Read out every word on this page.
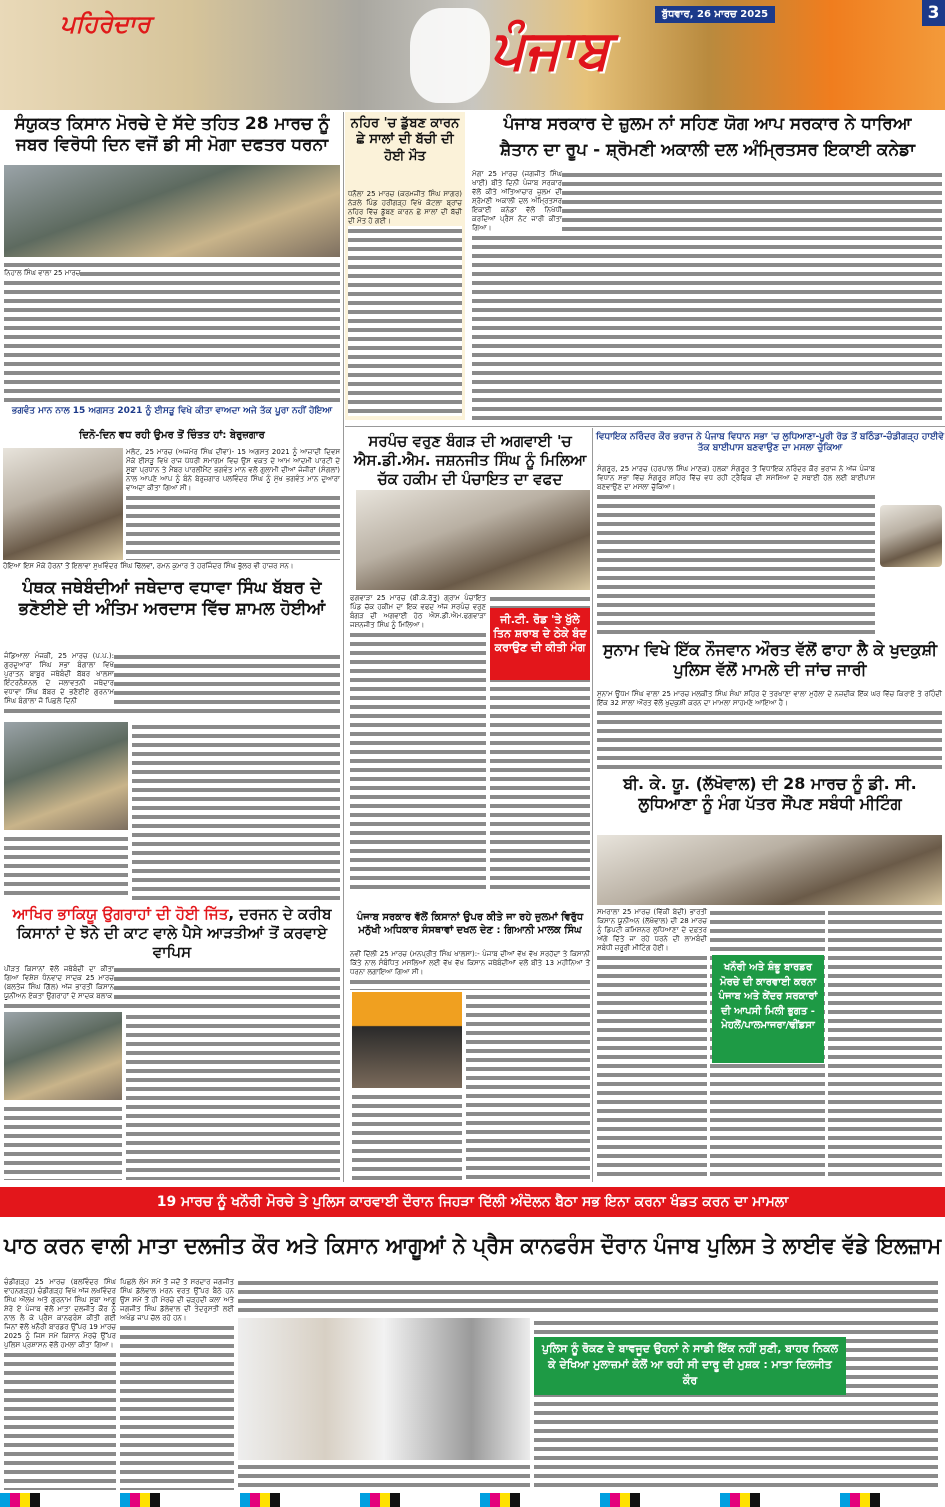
ਪਹਿਰੇਦਾਰ	ਪੰਜਾਬ
ਬੁੱਧਵਾਰ, 26 ਮਾਰਚ 2025	3
ਸੰਯੁਕਤ ਕਿਸਾਨ ਮੋਰਚੇ ਦੇ ਸੱਦੇ ਤਹਿਤ 28 ਮਾਰਚ ਨੂੰ ਜਬਰ ਵਿਰੋਧੀ ਦਿਨ ਵਜੋਂ ਡੀ ਸੀ ਮੋਗਾ ਦਫਤਰ ਧਰਨਾ
ਨਿਹਾਲ ਸਿੰਘ ਵਾਲਾ 25 ਮਾਰਚ
ਨਹਿਰ 'ਚ ਡੁੱਬਣ ਕਾਰਨ ਛੇ ਸਾਲਾਂ ਦੀ ਬੱਚੀ ਦੀ ਹੋਈ ਮੌਤ
ਧਨੌਲਾ 25 ਮਾਰਚ (ਕਰਮਜੀਤ ਸਿੰਘ ਸਾਗਰ) ਨੇੜਲੇ ਪਿੰਡ ਹਰੀਗੜ੍ਹ ਵਿਖੇ ਕੋਟਲਾ ਬ੍ਰਾਂਚ ਨਹਿਰ ਵਿੱਚ ਡੁੱਬਣ ਕਾਰਨ ਛੇ ਸਾਲਾਂ ਦੀ ਬੱਚੀ ਦੀ ਮੌਤ ਹੋ ਗਈ।
ਪੰਜਾਬ ਸਰਕਾਰ ਦੇ ਜ਼ੁਲਮ ਨਾਂ ਸਹਿਣ ਯੋਗ ਆਪ ਸਰਕਾਰ ਨੇ ਧਾਰਿਆ
ਸ਼ੈਤਾਨ ਦਾ ਰੂਪ - ਸ਼੍ਰੋਮਣੀ ਅਕਾਲੀ ਦਲ ਅੰਮ੍ਰਿਤਸਰ ਇਕਾਈ ਕਨੇਡਾ
ਮੋਗਾ 25 ਮਾਰਚ (ਜਗਜੀਤ ਸਿੰਘ ਖਾਈ) ਬੀਤੇ ਦਿਨੀ ਪੰਜਾਬ ਸਰਕਾਰ ਵੱਲੋਂ ਕੀਤੇ ਅੱਤਿਆਚਾਰ ਜ਼ੁਲਮ ਦੀ ਸ਼੍ਰੋਮਣੀ ਅਕਾਲੀ ਦਲ ਅੰਮ੍ਰਿਤਸਰ ਇਕਾਈ ਕਨੇਡਾ ਵੱਲੋਂ ਨਿਖੇਧੀ ਕਰਦਿਆਂ ਪ੍ਰੈਸ ਨੋਟ ਜਾਰੀ ਕੀਤਾ ਗਿਆ।
ਭਗਵੰਤ ਮਾਨ ਨਾਲ 15 ਅਗਸਤ 2021 ਨੂੰ ਈਸੜੂ ਵਿਖੇ ਕੀਤਾ ਵਾਅਦਾ ਅਜੇ ਤੱਕ ਪੂਰਾ ਨਹੀਂ ਹੋਇਆ
ਦਿਨੋ-ਦਿਨ ਵਧ ਰਹੀ ਉਮਰ ਤੋਂ ਚਿੰਤਤ ਹਾਂ: ਬੇਰੁਜ਼ਗਾਰ
ਮਲੋਟ, 25 ਮਾਰਚ (ਅਜਮੇਰ ਸਿੰਘ ਦੀਵਾ)- 15 ਅਗਸਤ 2021 ਨੂੰ ਆਜ਼ਾਦੀ ਦਿਵਸ ਮੌਕੇ ਈਸੜੂ ਵਿਖੇ ਰਾਜ ਪੱਧਰੀ ਸਮਾਗਮ ਵਿਚ ਉਸ ਵਕਤ ਦੇ ਆਮ ਆਦਮੀ ਪਾਰਟੀ ਦੇ ਸੂਬਾ ਪ੍ਰਧਾਨ ਤੇ ਮੈਂਬਰ ਪਾਰਲੀਮੈਂਟ ਭਗਵੰਤ ਮਾਨ ਵਲੋਂ ਗੁਲਾਮੀ ਦੀਆਂ ਜੰਜੀਰਾਂ (ਸੰਗਲਾਂ) ਨਾਲ ਆਪਣੇ ਆਪ ਨੂੰ ਬੰਨੇ ਬੇਰੁਜ਼ਗਾਰ ਪਲਵਿੰਦਰ ਸਿੰਘ ਨੂੰ ਮੁੱਖ ਭਗਵੰਤ ਮਾਨ ਦੁਆਰਾ ਵਾਅਦਾ ਕੀਤਾ ਗਿਆ ਸੀ।
ਹੋਇਆ ਇਸ ਮੌਕੇ ਹੋਰਨਾਂ ਤੋਂ ਇਲਾਵਾ ਸੁਖਵਿੰਦਰ ਸਿੰਘ ਢਿੱਲਵਾਂ, ਰਮਨ ਕੁਮਾਰ ਤੇ ਹਰਜਿੰਦਰ ਸਿੰਘ ਭੁੱਲਰ ਵੀ ਹਾਜ਼ਰ ਸਨ।
ਸਰਪੰਚ ਵਰੁਣ ਬੰਗੜ ਦੀ ਅਗਵਾਈ 'ਚ ਐਸ.ਡੀ.ਐਮ. ਜਸ਼ਨਜੀਤ ਸਿੰਘ ਨੂੰ ਮਿਲਿਆ ਚੱਕ ਹਕੀਮ ਦੀ ਪੰਚਾਇਤ ਦਾ ਵਫਦ
ਫਗਵਾੜਾ 25 ਮਾਰਚ (ਬੀ.ਕੇ.ਰੱਤੂ) ਗ੍ਰਾਮ ਪੰਚਾਇਤ ਪਿੰਡ ਚੱਕ ਹਕੀਮ ਦਾ ਇਕ ਵਫਦ ਅੱਜ ਸਰਪੰਚ ਵਰੁਣ ਬੰਗੜ ਦੀ ਅਗਵਾਈ ਹੇਠ ਐਸ.ਡੀ.ਐਮ.ਫਗਵਾੜਾ ਜਸ਼ਨਜੀਤ ਸਿੰਘ ਨੂੰ ਮਿਲਿਆ।	ਜੀ.ਟੀ. ਰੋਡ 'ਤੇ ਖੁੱਲੇ ਤਿਨ ਸ਼ਰਾਬ ਦੇ ਠੇਕੇ ਬੰਦ ਕਰਾਉਣ ਦੀ ਕੀਤੀ ਮੰਗ
ਵਿਧਾਇਕ ਨਰਿੰਦਰ ਕੌਰ ਭਰਾਜ ਨੇ ਪੰਜਾਬ ਵਿਧਾਨ ਸਭਾ 'ਚ ਲੁਧਿਆਣਾ-ਪੂਰੀ ਰੋਡ ਤੋਂ ਬਠਿੰਡਾ-ਚੰਡੀਗੜ੍ਹ ਹਾਈਵੇ ਤੱਕ ਬਾਈਪਾਸ ਬਣਵਾਉਣ ਦਾ ਮਸਲਾ ਚੁੱਕਿਆ
ਸੰਗਰੂਰ, 25 ਮਾਰਚ (ਹਰਪਾਲ ਸਿੰਘ ਮਾਣਕ) ਹਲਕਾ ਸੰਗਰੂਰ ਤੋਂ ਵਿਧਾਇਕ ਨਰਿੰਦਰ ਕੌਰ ਭਰਾਜ ਨੇ ਅੱਜ ਪੰਜਾਬ ਵਿਧਾਨ ਸਭਾ ਵਿੱਚ ਸੰਗਰੂਰ ਸ਼ਹਿਰ ਵਿੱਚ ਵਧ ਰਹੀ ਟ੍ਰੈਫਿਕ ਦੀ ਸਮੱਸਿਆ ਦੇ ਸਥਾਈ ਹੱਲ ਲਈ ਬਾਈਪਾਸ ਬਣਵਾਉਣ ਦਾ ਮਸਲਾ ਚੁੱਕਿਆ।
ਪੰਥਕ ਜਥੇਬੰਦੀਆਂ ਜਥੇਦਾਰ ਵਧਾਵਾ ਸਿੰਘ ਬੱਬਰ ਦੇ ਭਣੋਈਏ ਦੀ ਅੰਤਿਮ ਅਰਦਾਸ ਵਿੱਚ ਸ਼ਾਮਲ ਹੋਈਆਂ
ਜੰਡਿਆਲਾ ਮੰਜਕੀ, 25 ਮਾਰਚ (ਪ.ਪ.): ਗੁਰਦੁਆਰਾ ਸਿੰਘ ਸਭਾ ਬੰਗਾਲਾ ਵਿਖੇ ਪੁਰਾਤਨ ਬਾਬੂਰ ਜਥੇਬੰਦੀ ਬੱਬਰ ਖਾਲਸਾ ਇੰਟਰਨੈਸ਼ਨਲ ਦੇ ਜਲਾਵਤਨੀ ਜਥੇਦਾਰ ਵਧਾਵਾ ਸਿੰਘ ਬੱਬਰ ਦੇ ਭਣੋਈਏ ਗੁਰਨਾਮ ਸਿੰਘ ਬੰਗਾਲਾ ਜੋ ਪਿਛਲੇ ਦਿਨੀ
ਸੁਨਾਮ ਵਿਖੇ ਇੱਕ ਨੌਜਵਾਨ ਔਰਤ ਵੱਲੋਂ ਫਾਹਾ ਲੈ ਕੇ ਖੁਦਕੁਸ਼ੀ ਪੁਲਿਸ ਵੱਲੋਂ ਮਾਮਲੇ ਦੀ ਜਾਂਚ ਜਾਰੀ
ਸੁਨਾਮ ਊਧਮ ਸਿੰਘ ਵਾਲਾ 25 ਮਾਰਚ ਮਲਕੀਤ ਸਿੰਘ ਸੰਘਾ ਸ਼ਹਿਰ ਦੇ ਤਰਖਾਣਾ ਵਾਲਾ ਮੁਹੱਲਾ ਦੇ ਨਜ਼ਦੀਕ ਇੱਕ ਘਰ ਵਿੱਚ ਕਿਰਾਏ ਤੇ ਰਹਿੰਦੀ ਇੱਕ 32 ਸਾਲਾ ਔਰਤ ਵੱਲੋਂ ਖੁਦਕੁਸ਼ੀ ਕਰਨ ਦਾ ਮਾਮਲਾ ਸਾਹਮਣੇ ਆਇਆ ਹੈ।
ਬੀ. ਕੇ. ਯੂ. (ਲੱਖੋਵਾਲ) ਦੀ 28 ਮਾਰਚ ਨੂੰ ਡੀ. ਸੀ. ਲੁਧਿਆਣਾ ਨੂੰ ਮੰਗ ਪੱਤਰ ਸੌਂਪਣ ਸਬੰਧੀ ਮੀਟਿੰਗ
ਸਮਰਾਲਾ 25 ਮਾਰਚ (ਵਿੱਕੀ ਬੇਦੀ) ਭਾਰਤੀ ਕਿਸਾਨ ਯੂਨੀਅਨ (ਲੱਖੋਵਾਲ) ਦੀ 28 ਮਾਰਚ ਨੂੰ ਡਿਪਟੀ ਕਮਿਸ਼ਨਰ ਲੁਧਿਆਣਾ ਦੇ ਦਫ਼ਤਰ ਅੱਗੇ ਦਿੱਤੇ ਜਾ ਰਹੇ ਧਰਨੇ ਦੀ ਲਾਮਬੰਦੀ ਸਬੰਧੀ ਜ਼ਰੂਰੀ ਮੀਟਿੰਗ ਹੋਈ।
ਖਨੌਰੀ ਅਤੇ ਸ਼ੰਭੂ ਬਾਰਡਰ ਮੋਰਚੇ ਦੀ ਕਾਰਵਾਈ ਕਰਨਾ ਪੰਜਾਬ ਅਤੇ ਕੇਂਦਰ ਸਰਕਾਰਾਂ ਦੀ ਆਪਸੀ ਮਿਲੀ ਭੁਗਤ - ਮੇਹਲੋਂ/ਪਾਲਮਾਜਰਾ/ਢੀਂਡਸਾ
ਆਖਿਰ ਭਾਕਿਯੂ ਉਗਰਾਹਾਂ ਦੀ ਹੋਈ ਜਿੱਤ, ਦਰਜਨ ਦੇ ਕਰੀਬ ਕਿਸਾਨਾਂ ਦੇ ਝੋਨੇ ਦੀ ਕਾਟ ਵਾਲੇ ਪੈਸੇ ਆੜਤੀਆਂ ਤੋਂ ਕਰਵਾਏ ਵਾਪਿਸ
ਪੀੜਤ ਕਿਸਾਨਾਂ ਵੱਲੋਂ ਜਥੇਬੰਦੀ ਦਾ ਕੀਤਾ ਗਿਆ ਵਿਸ਼ੇਸ਼ ਧੰਨਵਾਦ ਸਾਦਕ 25 ਮਾਰਚ (ਬਲਤੇਜ ਸਿੰਘ ਗਿੱਲ) ਅੱਜ ਭਾਰਤੀ ਕਿਸਾਨ ਯੂਨੀਅਨ ਏਕਤਾ ਉਗਰਾਹਾਂ ਦੇ ਸਾਦਕ ਬਲਾਕ
ਪੰਜਾਬ ਸਰਕਾਰ ਵੱਲੋਂ ਕਿਸਾਨਾਂ ਉਪਰ ਕੀਤੇ ਜਾ ਰਹੇ ਜ਼ੁਲਮਾਂ ਵਿਰੁੱਧ ਮਨੁੱਖੀ ਅਧਿਕਾਰ ਸੰਸਥਾਵਾਂ ਦਖਲ ਦੇਣ : ਗਿਆਨੀ ਮਾਲਕ ਸਿੰਘ
ਨਵੀਂ ਦਿੱਲੀ 25 ਮਾਰਚ (ਮਨਪ੍ਰੀਤ ਸਿੰਘ ਖਾਲਸਾ):- ਪੰਜਾਬ ਦੀਆਂ ਵੱਖ ਵੱਖ ਸਰਹੱਦਾਂ ਤੇ ਕਿਸਾਨੀ ਕਿੱਤੇ ਨਾਲ ਸੰਬੰਧਿਤ ਮਸਲਿਆਂ ਲਈ ਵੱਖ ਵੱਖ ਕਿਸਾਨ ਜਥੇਬੰਦੀਆਂ ਵਲੋਂ ਬੀਤੇ 13 ਮਹੀਨਿਆਂ ਤੋਂ ਧਰਨਾ ਲਗਾਇਆ ਗਿਆ ਸੀ।
19 ਮਾਰਚ ਨੂੰ ਖਨੌਰੀ ਮੋਰਚੇ ਤੇ ਪੁਲਿਸ ਕਾਰਵਾਈ ਦੌਰਾਨ ਜਿਹੜਾ ਦਿੱਲੀ ਅੰਦੋਲਨ ਬੈਠਾ ਸਭ ਇਨਾ ਕਰਨਾ ਖੰਡਤ ਕਰਨ ਦਾ ਮਾਮਲਾ
ਚੰਡੀਗੜ੍ਹ 25 ਮਾਰਚ (ਬਲਵਿੰਦਰ ਸਿੰਘ ਵਾਹਨਗੜ੍ਹ) ਚੰਡੀਗੜ੍ਹ ਵਿਖੇ ਅੱਜ ਲਖਵਿੰਦਰ ਸਿੰਘ ਔਲਖ ਅਤੇ ਗੁਰਨਾਮ ਸਿੰਘ ਸੂਬਾ ਆਗੂ ਸ਼ੇਰੇ ਏ ਪੰਜਾਬ ਵੱਲੋਂ ਮਾਤਾ ਦਲਜੀਤ ਕੌਰ ਨੂੰ ਨਾਲ ਲੈ ਕੇ ਪ੍ਰੈਸ ਕਾਨਫਰੰਸ ਕੀਤੀ ਗਈ ਜਿਨਾਂ ਵੱਲੋਂ ਖਨੌਰੀ ਬਾਰਡਰ ਉੱਪਰ 19 ਮਾਰਚ 2025 ਨੂੰ ਜਿਸ ਸਮੇਂ ਕਿਸਾਨ ਮੋਰਚੇ ਉੱਪਰ ਪੁਲਿਸ ਪ੍ਰਸ਼ਾਸਨ ਵੱਲੋਂ ਹਮਲਾ ਕੀਤਾ ਗਿਆ।
ਪਿਛਲੇ ਲੰਮੇ ਸਮੇਂ ਤੋਂ ਜਦੋਂ ਤੋਂ ਸਰਦਾਰ ਜਗਜੀਤ ਸਿੰਘ ਡੱਲੇਵਾਲ ਮਰਨ ਵਰਤ ਉੱਪਰ ਬੈਠੇ ਹਨ ਉਸ ਸਮੇਂ ਤੋਂ ਹੀ ਮੋਰਚੇ ਦੀ ਚੜ੍ਹਦੀ ਕਲਾ ਅਤੇ ਜਗਜੀਤ ਸਿੰਘ ਡੱਲੇਵਾਲ ਦੀ ਤੰਦਰੁਸਤੀ ਲਈ ਅਖੰਡ ਜਾਪ ਚੱਲ ਰਹੇ ਹਨ।
ਪੁਲਿਸ ਨੂੰ ਰੋਕਣ ਦੇ ਬਾਵਜੂਦ ਉਹਨਾਂ ਨੇ ਸਾਡੀ ਇੱਕ ਨਹੀਂ ਸੁਣੀ, ਬਾਹਰ ਨਿਕਲ ਕੇ ਦੇਖਿਆ ਮੁਲਾਜ਼ਮਾਂ ਕੋਲੋਂ ਆ ਰਹੀ ਸੀ ਦਾਰੂ ਦੀ ਮੁਸ਼ਕ : ਮਾਤਾ ਦਿਲਜੀਤ ਕੌਰ
ਪਾਠ ਕਰਨ ਵਾਲੀ ਮਾਤਾ ਦਲਜੀਤ ਕੌਰ ਅਤੇ ਕਿਸਾਨ ਆਗੂਆਂ ਨੇ ਪ੍ਰੈਸ ਕਾਨਫਰੰਸ ਦੌਰਾਨ ਪੰਜਾਬ ਪੁਲਿਸ ਤੇ ਲਾਈਵ ਵੱਡੇ ਇਲਜ਼ਾਮ
